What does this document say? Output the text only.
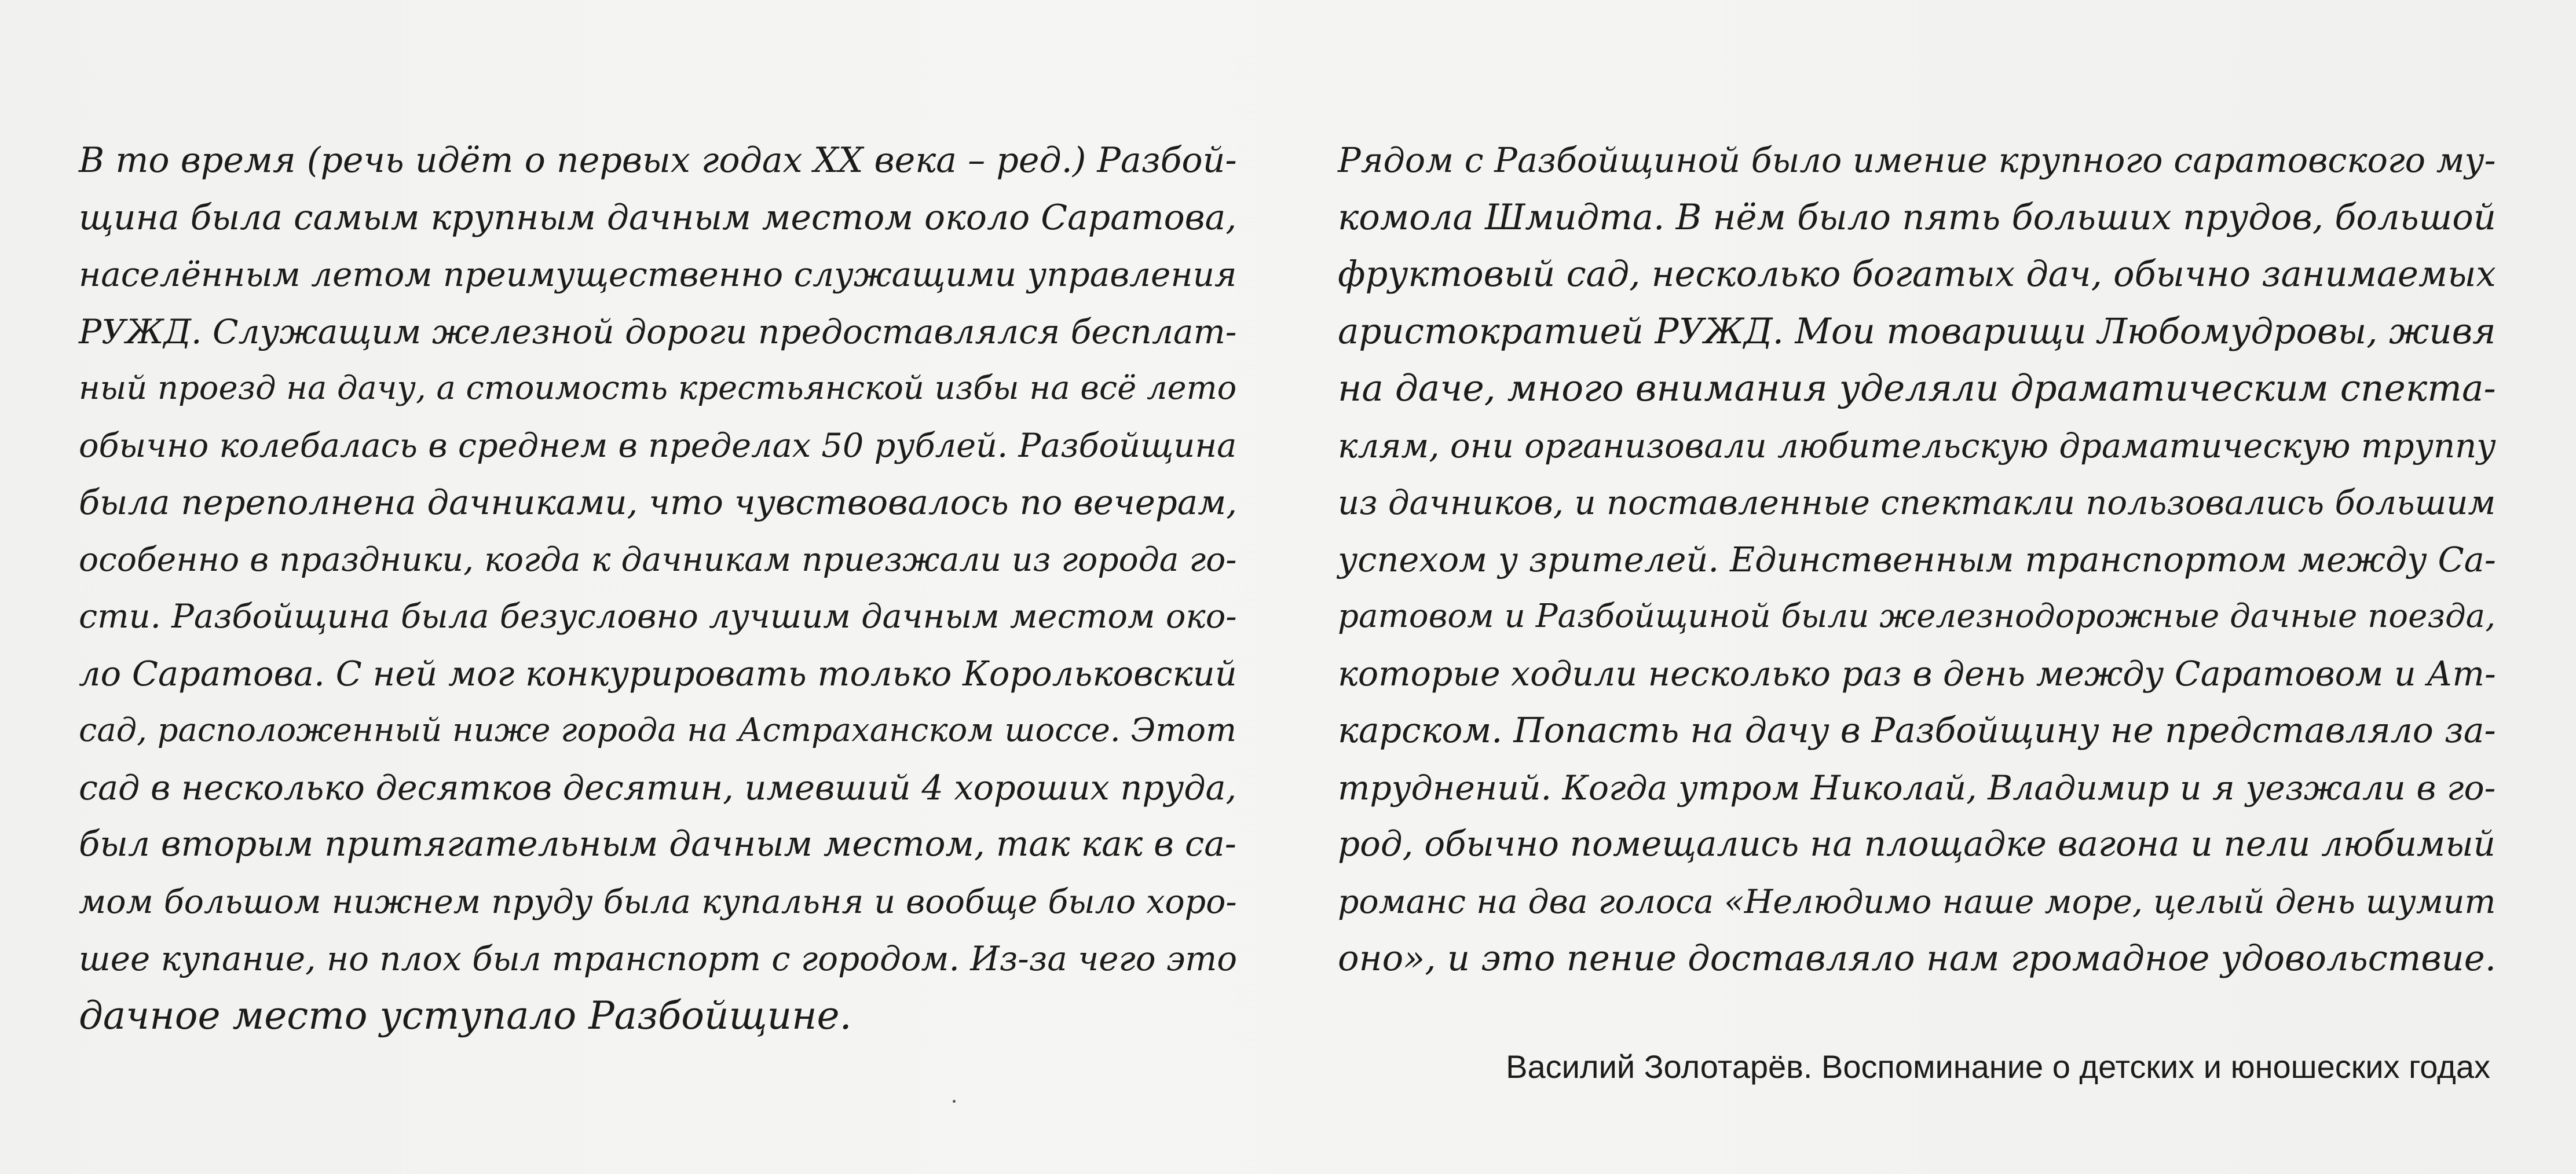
В то время (речь идёт о первых годах XX века – ред.) Разбой-
щина была самым крупным дачным местом около Саратова,
населённым летом преимущественно служащими управления
РУЖД. Служащим железной дороги предоставлялся бесплат-
ный проезд на дачу, а стоимость крестьянской избы на всё лето
обычно колебалась в среднем в пределах 50 рублей. Разбойщина
была переполнена дачниками, что чувствовалось по вечерам,
особенно в праздники, когда к дачникам приезжали из города го-
сти. Разбойщина была безусловно лучшим дачным местом око-
ло Саратова. С ней мог конкурировать только Корольковский
сад, расположенный ниже города на Астраханском шоссе. Этот
сад в несколько десятков десятин, имевший 4 хороших пруда,
был вторым притягательным дачным местом, так как в са-
мом большом нижнем пруду была купальня и вообще было хоро-
шее купание, но плох был транспорт с городом. Из-за чего это
дачное место уступало Разбойщине.
Рядом с Разбойщиной было имение крупного саратовского му-
комола Шмидта. В нём было пять больших прудов, большой
фруктовый сад, несколько богатых дач, обычно занимаемых
аристократией РУЖД. Мои товарищи Любомудровы, живя
на даче, много внимания уделяли драматическим спекта-
клям, они организовали любительскую драматическую труппу
из дачников, и поставленные спектакли пользовались большим
успехом у зрителей. Единственным транспортом между Са-
ратовом и Разбойщиной были железнодорожные дачные поезда,
которые ходили несколько раз в день между Саратовом и Ат-
карском. Попасть на дачу в Разбойщину не представляло за-
труднений. Когда утром Николай, Владимир и я уезжали в го-
род, обычно помещались на площадке вагона и пели любимый
романс на два голоса «Нелюдимо наше море, целый день шумит
оно», и это пение доставляло нам громадное удовольствие.
Василий Золотарёв. Воспоминание о детских и юношеских годах
